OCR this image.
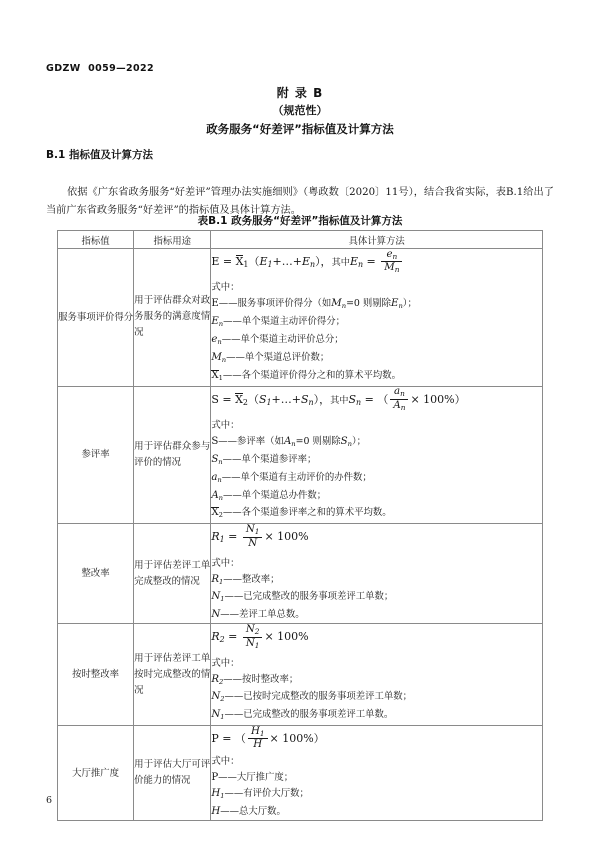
GDZW  0059—2022
附 录 B
（规范性）
政务服务“好差评”指标值及计算方法
B.1 指标值及计算方法
依据《广东省政务服务“好差评”管理办法实施细则》（粤政数〔2020〕11号），结合我省实际，表B.1给出了当前广东省政务服务“好差评”的指标值及具体计算方法。
表B.1 政务服务“好差评”指标值及计算方法
指标值	指标用途	具体计算方法
服务事项评价得分	用于评估群众对政务服务的满意度情况	
$E = X_1(E_1+\dots+E_n)$，其中$E_n = \frac{e_n}{M_n}$
式中：
E——服务事项评价得分（如$M_n=0$ 则剔除$E_n$）；
$E_n——$单个渠道主动评价得分；
$e_n——$单个渠道主动评价总分；
$M_n——$单个渠道总评价数；
$X_1——$各个渠道评价得分之和的算术平均数。

参评率	用于评估群众参与评价的情况	
$S = X_2(S_1+\dots+S_n)$，其中$S_n$ = （ $\frac{a_n}{A_n} \times 100\%$）
式中：
S——参评率（如$A_n=0$ 则剔除$S_n$）；
$S_n——$单个渠道参评率；
$a_n——$单个渠道有主动评价的办件数；
$A_n——$单个渠道总办件数；
$X_2——$各个渠道参评率之和的算术平均数。

整改率	用于评估差评工单完成整改的情况	
$R_1 = \frac{N_1}{N} \times 100\%$
式中：
$R_1——$整改率；
$N_1——$已完成整改的服务事项差评工单数；
N——差评工单总数。

按时整改率	用于评估差评工单按时完成整改的情况	
$R_2 = \frac{N_2}{N_1} \times 100\%$
式中：
$R_2——$按时整改率；
$N_2——$已按时完成整改的服务事项差评工单数；
$N_1——$已完成整改的服务事项差评工单数。

大厅推广度	用于评估大厅可评价能力的情况	
P = （ $\frac{H_1}{H} \times 100\%$）
式中：
P——大厅推广度；
$H_1——$有评价大厅数；
H——总大厅数。
6
